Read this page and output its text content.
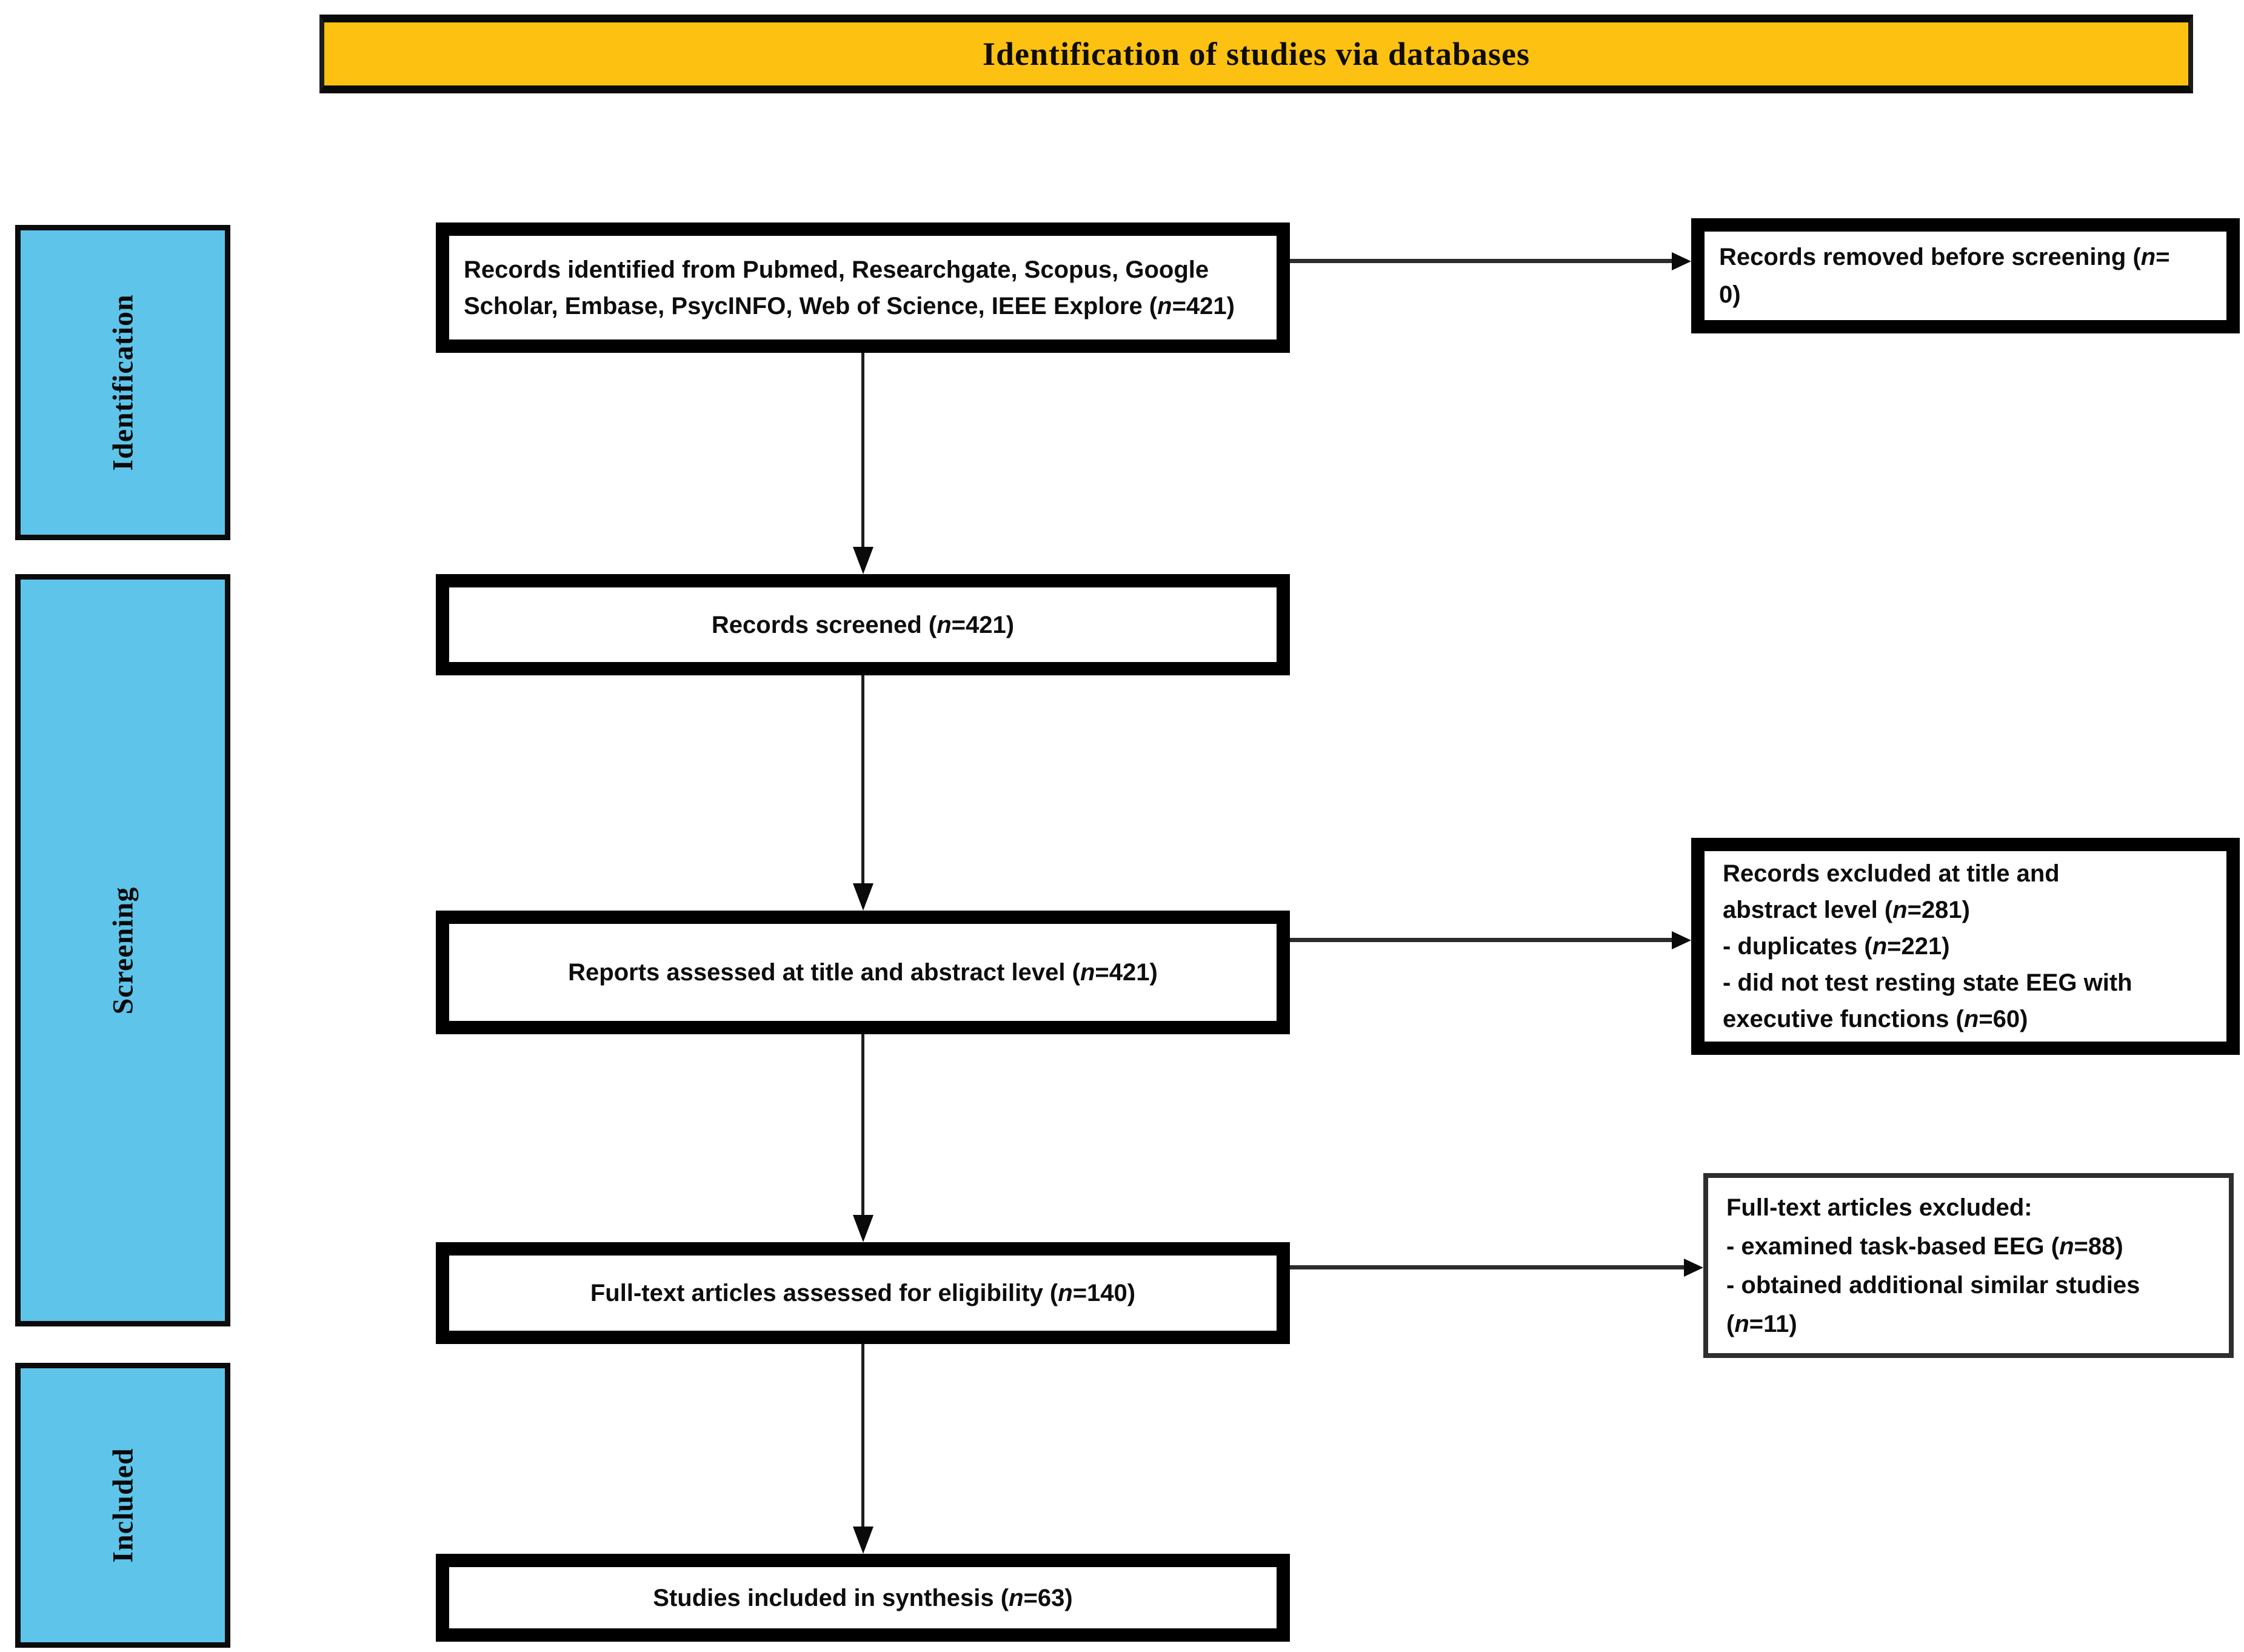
Identification of studies via databases
Identification
Screening
Included
Records identified from Pubmed, Researchgate, Scopus, Google
Scholar, Embase, PsycINFO, Web of Science, IEEE Explore (n=421)
Records screened (n=421)
Reports assessed at title and abstract level (n=421)
Full-text articles assessed for eligibility (n=140)
Studies included in synthesis (n=63)
Records removed before screening (n=
0)
Records excluded at title and
abstract level (n=281)
- duplicates (n=221)
- did not test resting state EEG with
executive functions (n=60)
Full-text articles excluded:
- examined task-based EEG (n=88)
- obtained additional similar studies
(n=11)
